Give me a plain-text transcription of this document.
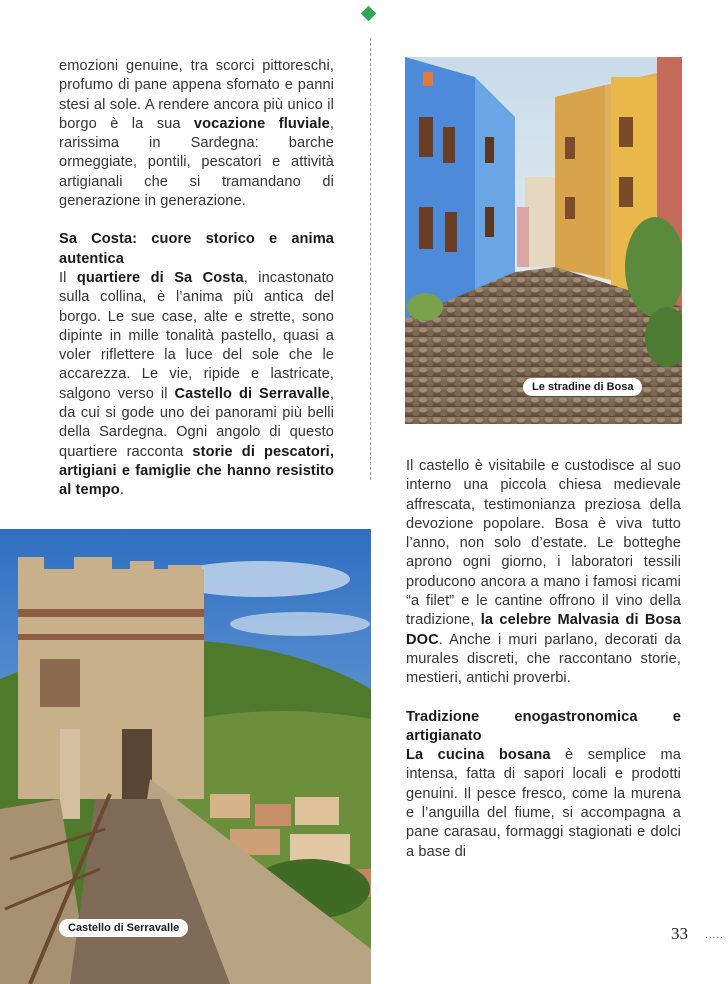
emozioni genuine, tra scorci pittoreschi, profumo di pane appena sfornato e panni stesi al sole. A rendere ancora più unico il borgo è la sua vocazione fluviale, rarissima in Sardegna: barche ormeggiate, pontili, pescatori e attività artigianali che si tramandano di generazione in generazione.

Sa Costa: cuore storico e anima autentica

Il quartiere di Sa Costa, incastonato sulla collina, è l’anima più antica del borgo. Le sue case, alte e strette, sono dipinte in mille tonalità pastello, quasi a voler riflettere la luce del sole che le accarezza. Le vie, ripide e lastricate, salgono verso il Castello di Serravalle, da cui si gode uno dei panorami più belli della Sardegna. Ogni angolo di questo quartiere racconta storie di pescatori, artigiani e famiglie che hanno resistito al tempo.

Le stradine di Bosa

Il castello è visitabile e custodisce al suo interno una piccola chiesa medievale affrescata, testimonianza preziosa della devozione popolare. Bosa è viva tutto l’anno, non solo d’estate. Le botteghe aprono ogni giorno, i laboratori tessili producono ancora a mano i famosi ricami “a filet” e le cantine offrono il vino della tradizione, la celebre Malvasia di Bosa DOC. Anche i muri parlano, decorati da murales discreti, che raccontano storie, mestieri, antichi proverbi.

Tradizione enogastronomica e artigianato

La cucina bosana è semplice ma intensa, fatta di sapori locali e prodotti genuini. Il pesce fresco, come la murena e l’anguilla del fiume, si accompagna a pane carasau, formaggi stagionati e dolci a base di

Castello di Serravalle	33 .....
